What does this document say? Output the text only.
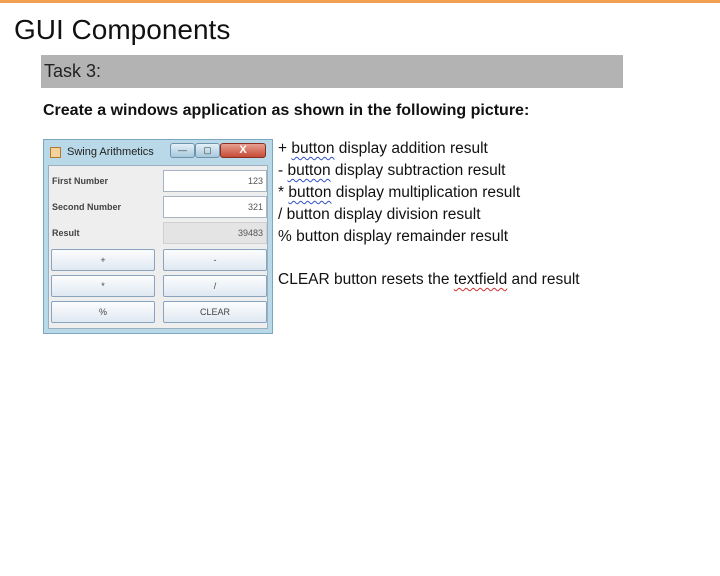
GUI Components
Task 3:
Create a windows application as shown in the following picture:
Swing Arithmetics	—	▢	X
First Number	123
Second Number	321
Result	39483
+	-
*	/
%	CLEAR
+ button display addition result
- button display subtraction result
* button display multiplication result
/ button display division result
% button display remainder result
CLEAR button resets the textfield and result
